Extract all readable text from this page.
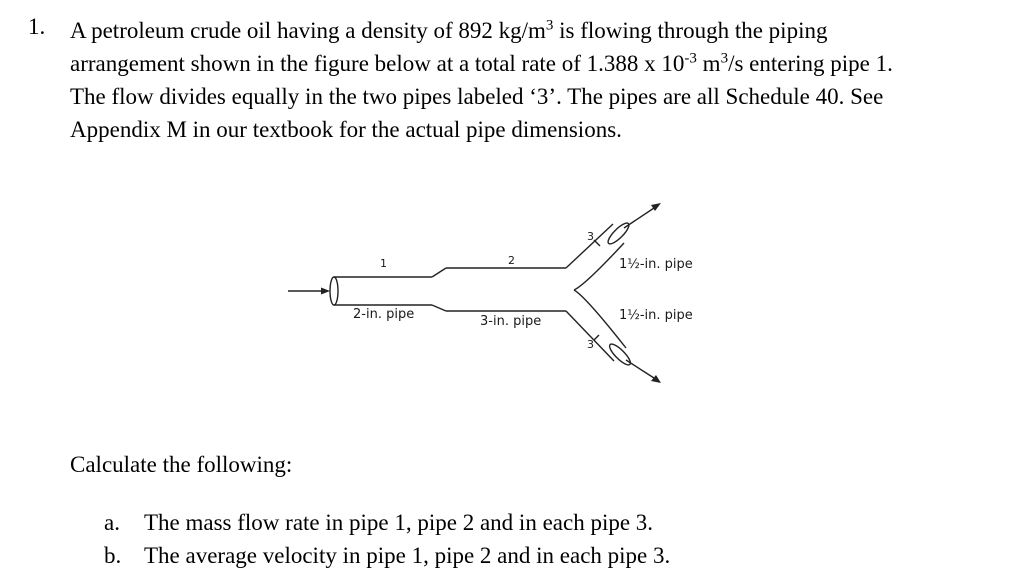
1. A petroleum crude oil having a density of 892 $kg/m^3$ is flowing through the piping

arrangement shown in the figure below at a total rate of 1.388 x $10^{-3}$ $m^3/s$ entering pipe 1.

The flow divides equally in the two pipes labeled ‘3’. The pipes are all Schedule 40. See

Appendix M in our textbook for the actual pipe dimensions.

1	2
3
3
2-in. pipe	3-in. pipe
1½-in. pipe
1½-in. pipe
Calculate the following:
a. The mass flow rate in pipe 1, pipe 2 and in each pipe 3.
b. The average velocity in pipe 1, pipe 2 and in each pipe 3.
